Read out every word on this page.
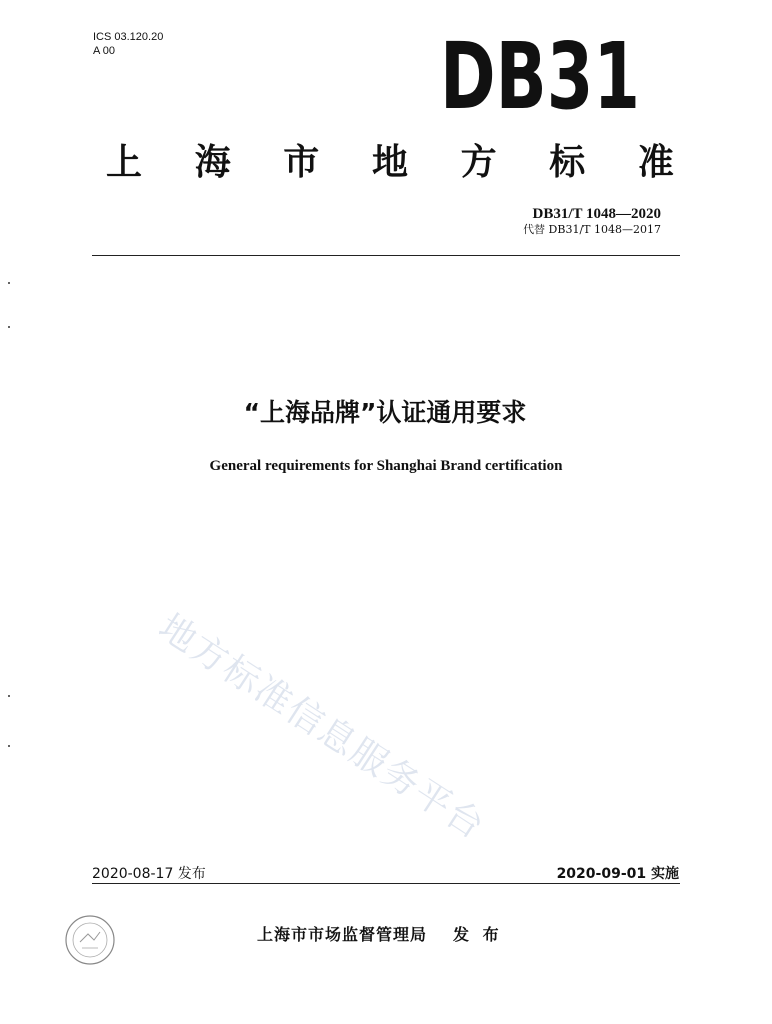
ICS 03.120.20
A 00	DB31
上 海 市 地 方 标 准
DB31/T 1048—2020
代替 DB31/T 1048—2017
“上海品牌”认证通用要求
General requirements for Shanghai Brand certification
地方标准信息服务平台
2020-08-17 发布	2020-09-01 实施
上海市市场监督管理局 发 布
